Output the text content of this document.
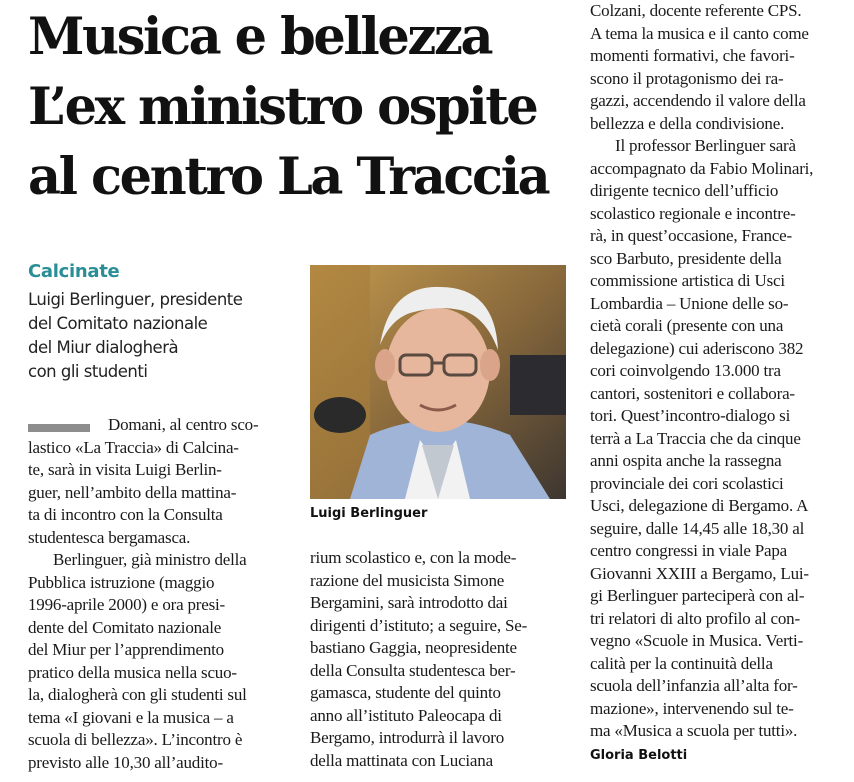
Musica e bellezza
L’ex ministro ospite
al centro La Traccia
Calcinate
Luigi Berlinguer, presidente
del Comitato nazionale
del Miur dialogherà
con gli studenti
Luigi Berlinguer
Domani, al centro sco-
lastico «La Traccia» di Calcina-
te, sarà in visita Luigi Berlin-
guer, nell’ambito della mattina-
ta di incontro con la Consulta
studentesca bergamasca.
Berlinguer, già ministro della
Pubblica istruzione (maggio
1996-aprile 2000) e ora presi-
dente del Comitato nazionale
del Miur per l’apprendimento
pratico della musica nella scuo-
la, dialogherà con gli studenti sul
tema «I giovani e la musica – a
scuola di bellezza». L’incontro è
previsto alle 10,30 all’audito-
rium scolastico e, con la mode-
razione del musicista Simone
Bergamini, sarà introdotto dai
dirigenti d’istituto; a seguire, Se-
bastiano Gaggia, neopresidente
della Consulta studentesca ber-
gamasca, studente del quinto
anno all’istituto Paleocapa di
Bergamo, introdurrà il lavoro
della mattinata con Luciana
Colzani, docente referente CPS.
A tema la musica e il canto come
momenti formativi, che favori-
scono il protagonismo dei ra-
gazzi, accendendo il valore della
bellezza e della condivisione.
Il professor Berlinguer sarà
accompagnato da Fabio Molinari,
dirigente tecnico dell’ufficio
scolastico regionale e incontre-
rà, in quest’occasione, France-
sco Barbuto, presidente della
commissione artistica di Usci
Lombardia – Unione delle so-
cietà corali (presente con una
delegazione) cui aderiscono 382
cori coinvolgendo 13.000 tra
cantori, sostenitori e collabora-
tori. Quest’incontro-dialogo si
terrà a La Traccia che da cinque
anni ospita anche la rassegna
provinciale dei cori scolastici
Usci, delegazione di Bergamo. A
seguire, dalle 14,45 alle 18,30 al
centro congressi in viale Papa
Giovanni XXIII a Bergamo, Lui-
gi Berlinguer parteciperà con al-
tri relatori di alto profilo al con-
vegno «Scuole in Musica. Verti-
calità per la continuità della
scuola dell’infanzia all’alta for-
mazione», intervenendo sul te-
ma «Musica a scuola per tutti».
Gloria Belotti
